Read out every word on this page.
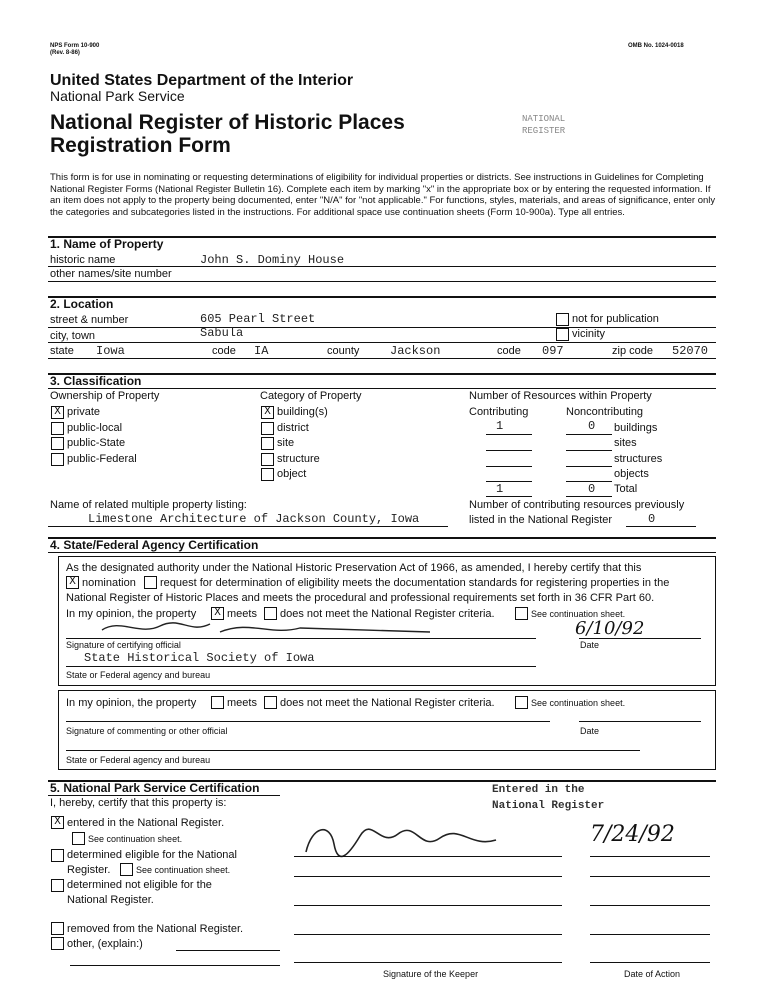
NPS Form 10-900
(Rev. 8-86)
OMB No. 1024-0018
United States Department of the Interior
National Park Service
National Register of Historic Places
Registration Form
NATIONAL
REGISTER
This form is for use in nominating or requesting determinations of eligibility for individual properties or districts. See instructions in Guidelines for Completing National Register Forms (National Register Bulletin 16). Complete each item by marking "x" in the appropriate box or by entering the requested information. If an item does not apply to the property being documented, enter "N/A" for "not applicable." For functions, styles, materials, and areas of significance, enter only the categories and subcategories listed in the instructions. For additional space use continuation sheets (Form 10-900a). Type all entries.
1. Name of Property
historic name	John S. Dominy House
other names/site number
2. Location
street & number	605 Pearl Street	not for publication
city, town	Sabula	vicinity
state Iowa	code IA	county	Jackson	code 097	zip code 52070
3. Classification
Ownership of Property	Category of Property	Number of Resources within Property
X private
public-local
public-State
public-Federal
X building(s)
district
site
structure
object
Contributing	Noncontributing
1	0 buildings
sites
structures
objects
1	0 Total
Name of related multiple property listing:
Limestone Architecture of Jackson County, Iowa
Number of contributing resources previously
listed in the National Register	0
4. State/Federal Agency Certification
As the designated authority under the National Historic Preservation Act of 1966, as amended, I hereby certify that this
X nomination request for determination of eligibility meets the documentation standards for registering properties in the
National Register of Historic Places and meets the procedural and professional requirements set forth in 36 CFR Part 60.
In my opinion, the property X meets does not meet the National Register criteria.	See continuation sheet.
6/10/92
Signature of certifying official	Date
State Historical Society of Iowa
State or Federal agency and bureau
In my opinion, the property	meets does not meet the National Register criteria.	See continuation sheet.
Signature of commenting or other official	Date
State or Federal agency and bureau
5. National Park Service Certification	Entered in the
National Register
I, hereby, certify that this property is:
X entered in the National Register.
See continuation sheet.
determined eligible for the National
Register.	See continuation sheet.
determined not eligible for the
National Register.
removed from the National Register.
other, (explain:)
7/24/92
Signature of the Keeper	Date of Action
